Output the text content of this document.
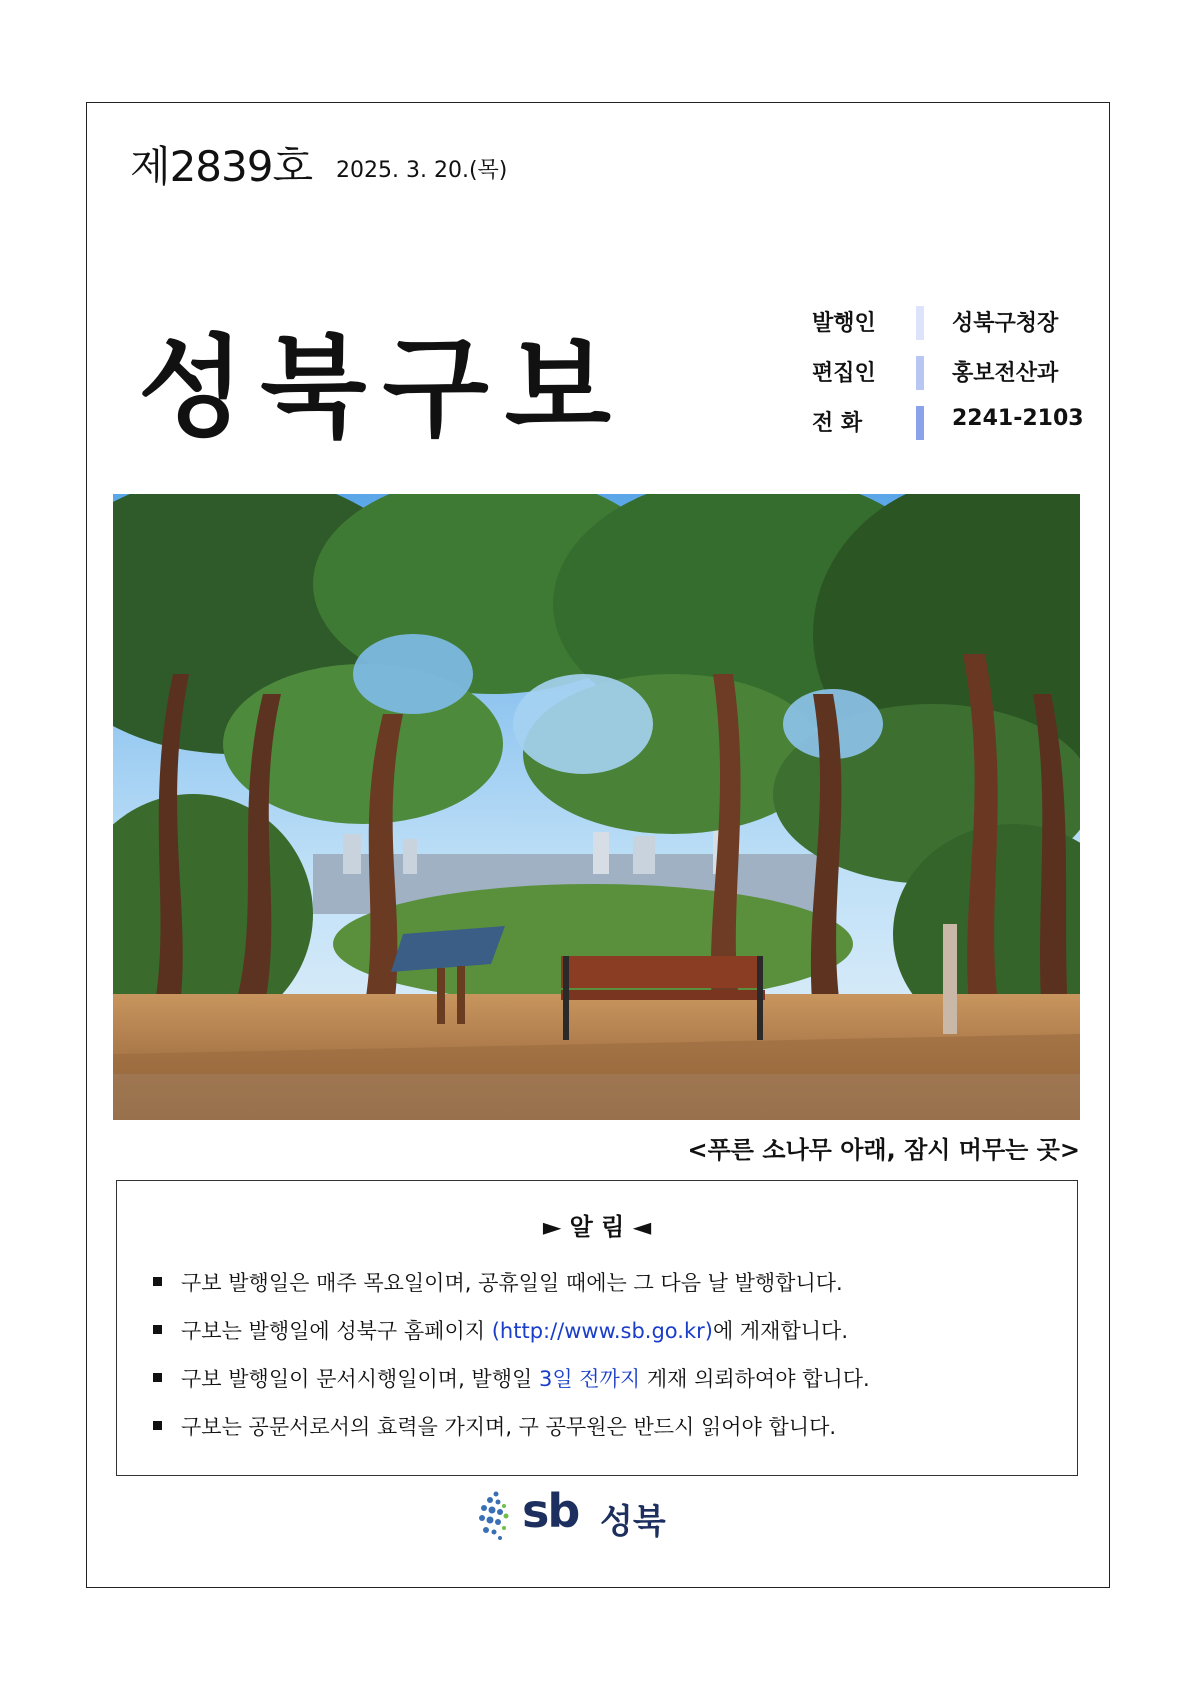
제2839호 2025. 3. 20.(목)
성북구보
발행인	성북구청장
편집인	홍보전산과
전 화	2241-2103
<푸른 소나무 아래, 잠시 머무는 곳>
► 알 림 ◄
구보 발행일은 매주 목요일이며, 공휴일일 때에는 그 다음 날 발행합니다.
구보는 발행일에 성북구 홈페이지 (http://www.sb.go.kr)에 게재합니다.
구보 발행일이 문서시행일이며, 발행일 3일 전까지 게재 의뢰하여야 합니다.
구보는 공문서로서의 효력을 가지며, 구 공무원은 반드시 읽어야 합니다.
sb 성북
